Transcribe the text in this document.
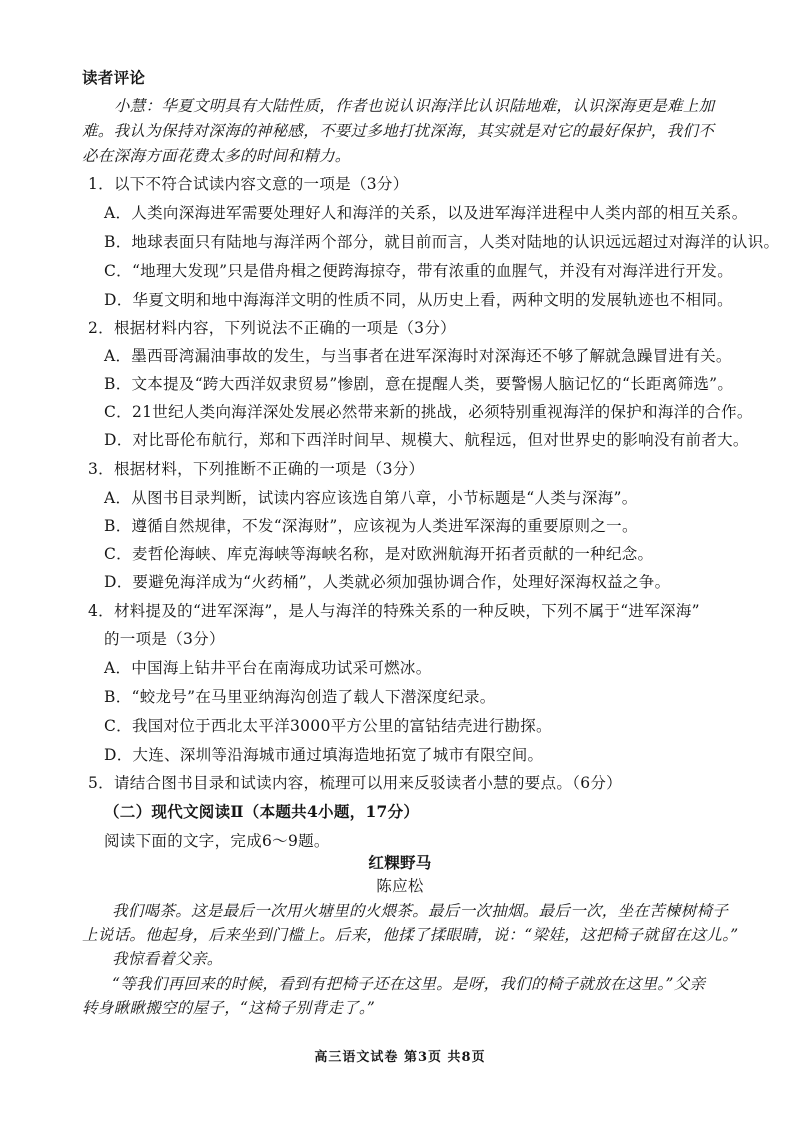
读者评论
小慧：华夏文明具有大陆性质，作者也说认识海洋比认识陆地难，认识深海更是难上加
难。我认为保持对深海的神秘感，不要过多地打扰深海，其实就是对它的最好保护，我们不
必在深海方面花费太多的时间和精力。
1．以下不符合试读内容文意的一项是（3分）
A．人类向深海进军需要处理好人和海洋的关系，以及进军海洋进程中人类内部的相互关系。
B．地球表面只有陆地与海洋两个部分，就目前而言，人类对陆地的认识远远超过对海洋的认识。
C．“地理大发现”只是借舟楫之便跨海掠夺，带有浓重的血腥气，并没有对海洋进行开发。
D．华夏文明和地中海海洋文明的性质不同，从历史上看，两种文明的发展轨迹也不相同。
2．根据材料内容，下列说法不正确的一项是（3分）
A．墨西哥湾漏油事故的发生，与当事者在进军深海时对深海还不够了解就急躁冒进有关。
B．文本提及“跨大西洋奴隶贸易”惨剧，意在提醒人类，要警惕人脑记忆的“长距离筛选”。
C．21世纪人类向海洋深处发展必然带来新的挑战，必须特别重视海洋的保护和海洋的合作。
D．对比哥伦布航行，郑和下西洋时间早、规模大、航程远，但对世界史的影响没有前者大。
3．根据材料，下列推断不正确的一项是（3分）
A．从图书目录判断，试读内容应该选自第八章，小节标题是“人类与深海”。
B．遵循自然规律，不发“深海财”，应该视为人类进军深海的重要原则之一。
C．麦哲伦海峡、库克海峡等海峡名称，是对欧洲航海开拓者贡献的一种纪念。
D．要避免海洋成为“火药桶”，人类就必须加强协调合作，处理好深海权益之争。
4．材料提及的“进军深海”，是人与海洋的特殊关系的一种反映，下列不属于“进军深海”
的一项是（3分）
A．中国海上钻井平台在南海成功试采可燃冰。
B．“蛟龙号”在马里亚纳海沟创造了载人下潜深度纪录。
C．我国对位于西北太平洋3000平方公里的富钴结壳进行勘探。
D．大连、深圳等沿海城市通过填海造地拓宽了城市有限空间。
5．请结合图书目录和试读内容，梳理可以用来反驳读者小慧的要点。（6分）
（二）现代文阅读Ⅱ（本题共4小题，17分）
阅读下面的文字，完成6～9题。
红粿野马
陈应松
我们喝茶。这是最后一次用火塘里的火煨茶。最后一次抽烟。最后一次，坐在苦楝树椅子
上说话。他起身，后来坐到门槛上。后来，他揉了揉眼睛，说：“梁娃，这把椅子就留在这儿。”
我惊看着父亲。
“等我们再回来的时候，看到有把椅子还在这里。是呀，我们的椅子就放在这里。”父亲
转身瞅瞅搬空的屋子，“这椅子别背走了。”
高三语文试卷 第3页 共8页
